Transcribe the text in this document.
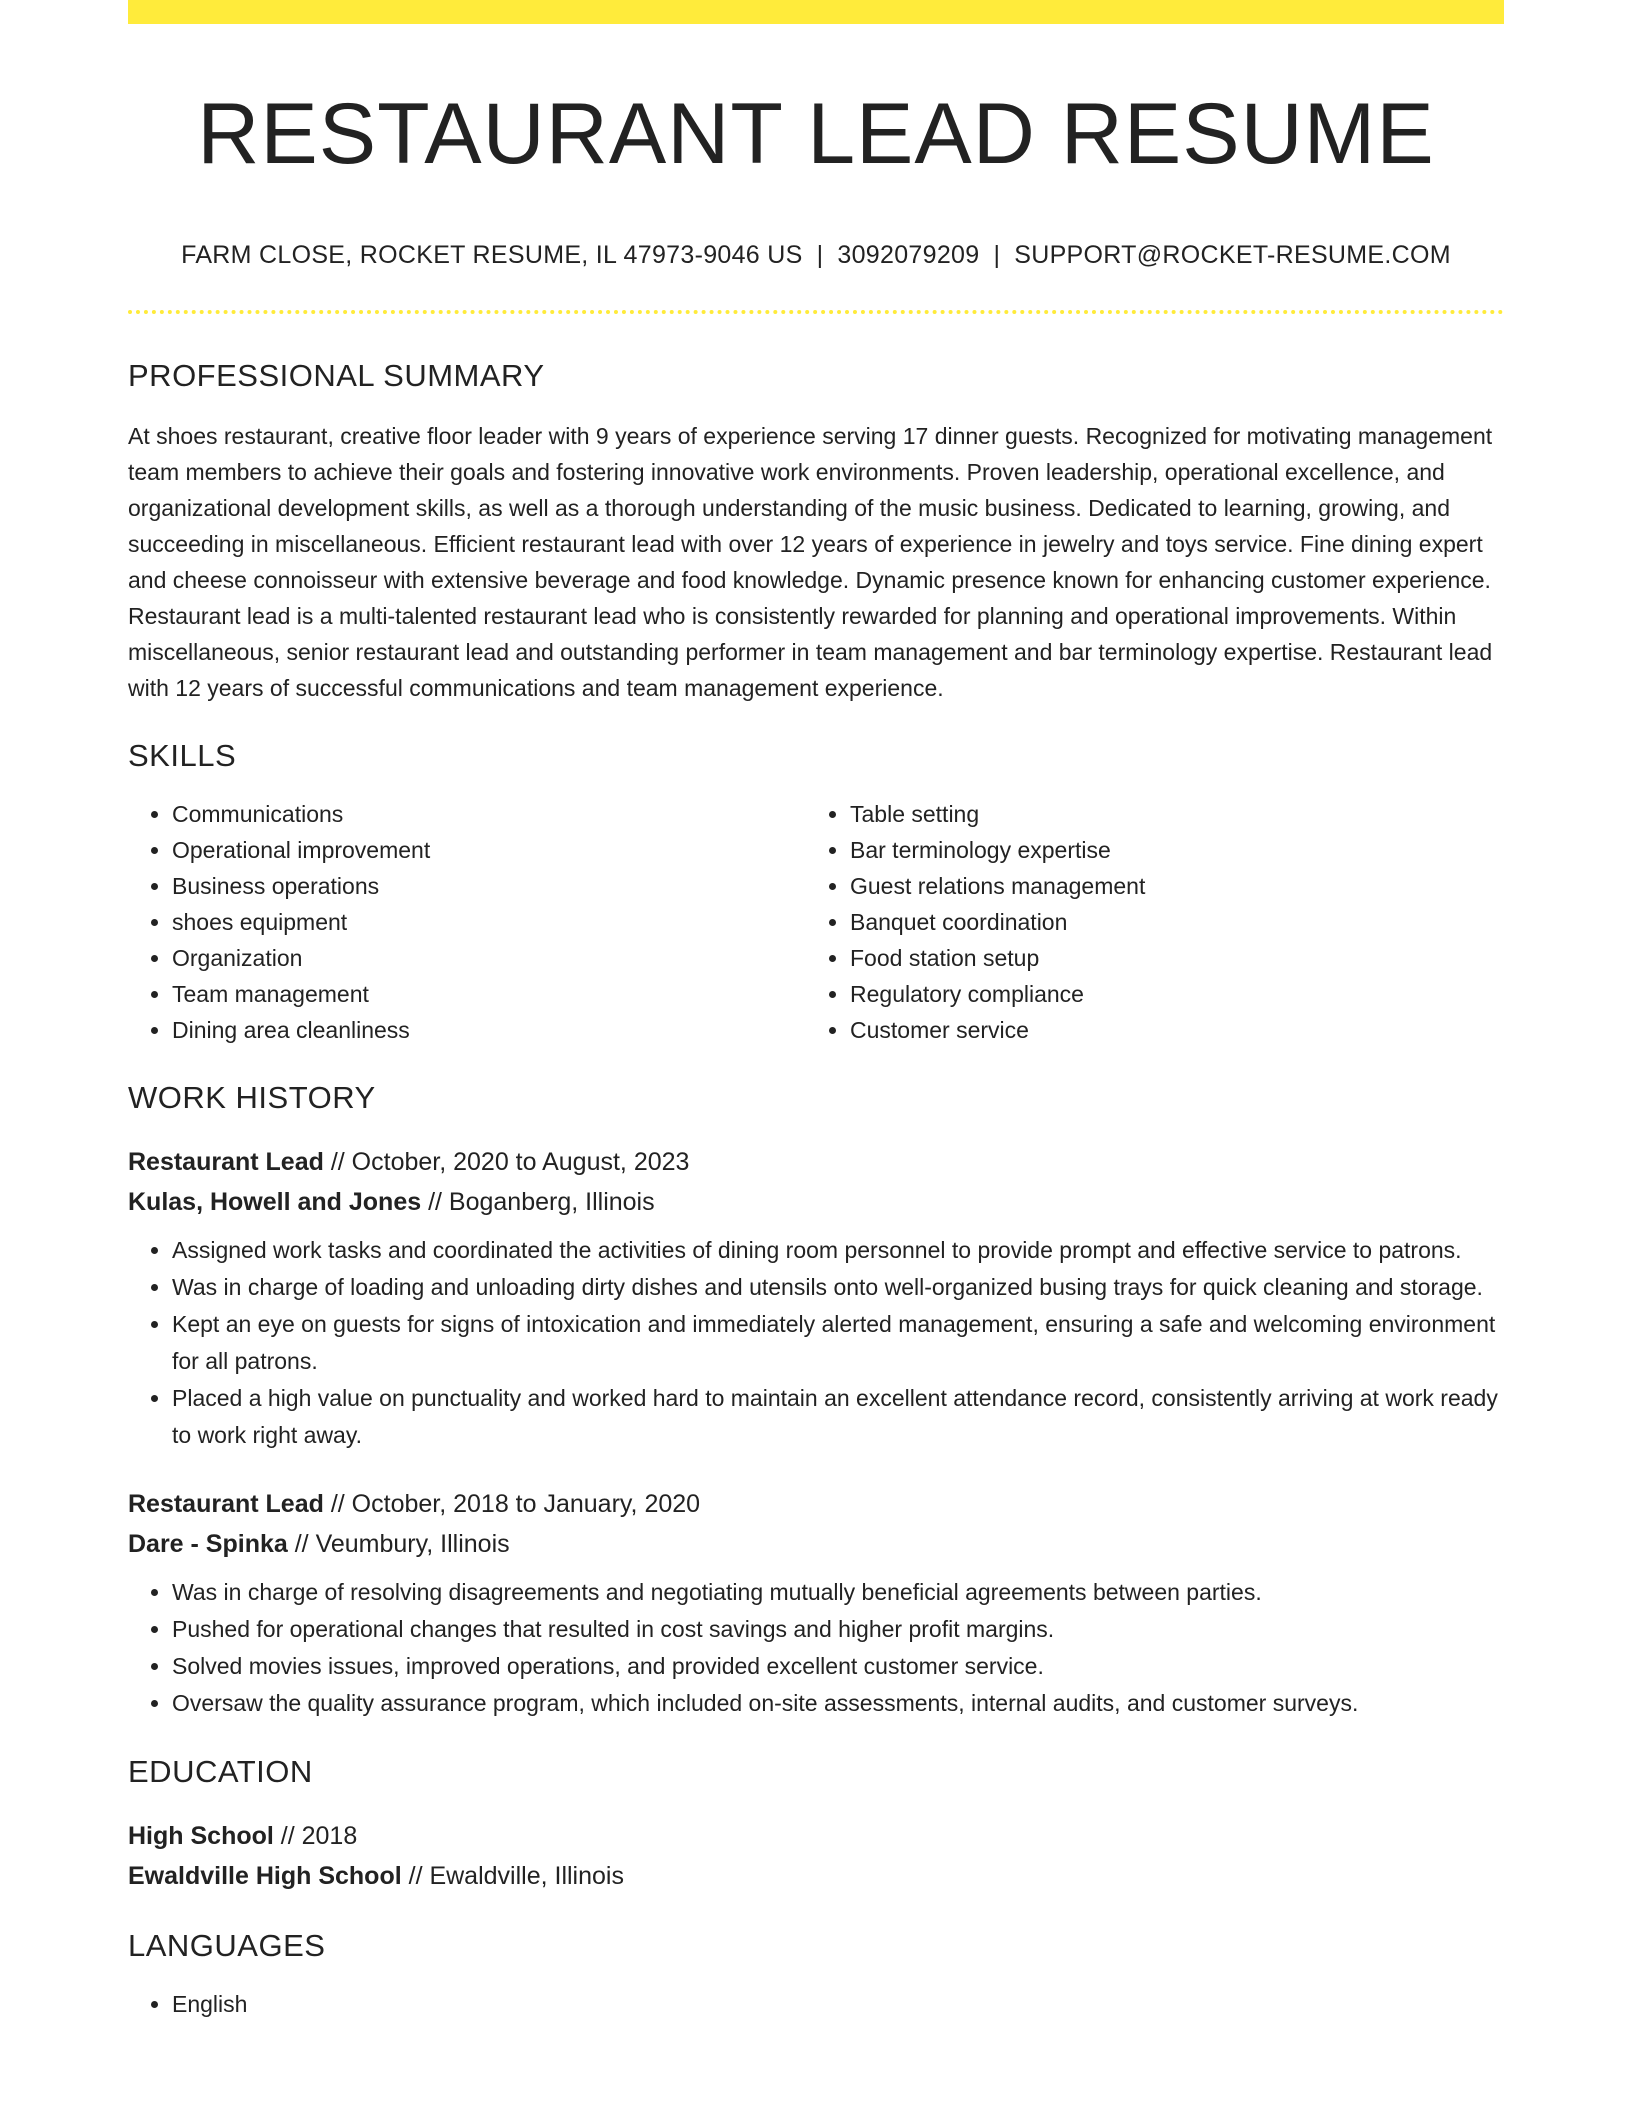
RESTAURANT LEAD RESUME
FARM CLOSE, ROCKET RESUME, IL 47973-9046 US | 3092079209 | SUPPORT@ROCKET-RESUME.COM
PROFESSIONAL SUMMARY
At shoes restaurant, creative floor leader with 9 years of experience serving 17 dinner guests. Recognized for motivating management team members to achieve their goals and fostering innovative work environments. Proven leadership, operational excellence, and organizational development skills, as well as a thorough understanding of the music business. Dedicated to learning, growing, and succeeding in miscellaneous. Efficient restaurant lead with over 12 years of experience in jewelry and toys service. Fine dining expert and cheese connoisseur with extensive beverage and food knowledge. Dynamic presence known for enhancing customer experience. Restaurant lead is a multi-talented restaurant lead who is consistently rewarded for planning and operational improvements. Within miscellaneous, senior restaurant lead and outstanding performer in team management and bar terminology expertise. Restaurant lead with 12 years of successful communications and team management experience.
SKILLS
• Communications
• Operational improvement
• Business operations
• shoes equipment
• Organization
• Team management
• Dining area cleanliness
• Table setting
• Bar terminology expertise
• Guest relations management
• Banquet coordination
• Food station setup
• Regulatory compliance
• Customer service
WORK HISTORY
Restaurant Lead // October, 2020 to August, 2023
Kulas, Howell and Jones // Boganberg, Illinois
• Assigned work tasks and coordinated the activities of dining room personnel to provide prompt and effective service to patrons.
• Was in charge of loading and unloading dirty dishes and utensils onto well-organized busing trays for quick cleaning and storage.
• Kept an eye on guests for signs of intoxication and immediately alerted management, ensuring a safe and welcoming environment for all patrons.
• Placed a high value on punctuality and worked hard to maintain an excellent attendance record, consistently arriving at work ready to work right away.
Restaurant Lead // October, 2018 to January, 2020
Dare - Spinka // Veumbury, Illinois
• Was in charge of resolving disagreements and negotiating mutually beneficial agreements between parties.
• Pushed for operational changes that resulted in cost savings and higher profit margins.
• Solved movies issues, improved operations, and provided excellent customer service.
• Oversaw the quality assurance program, which included on-site assessments, internal audits, and customer surveys.
EDUCATION
High School // 2018
Ewaldville High School // Ewaldville, Illinois
LANGUAGES
• English
